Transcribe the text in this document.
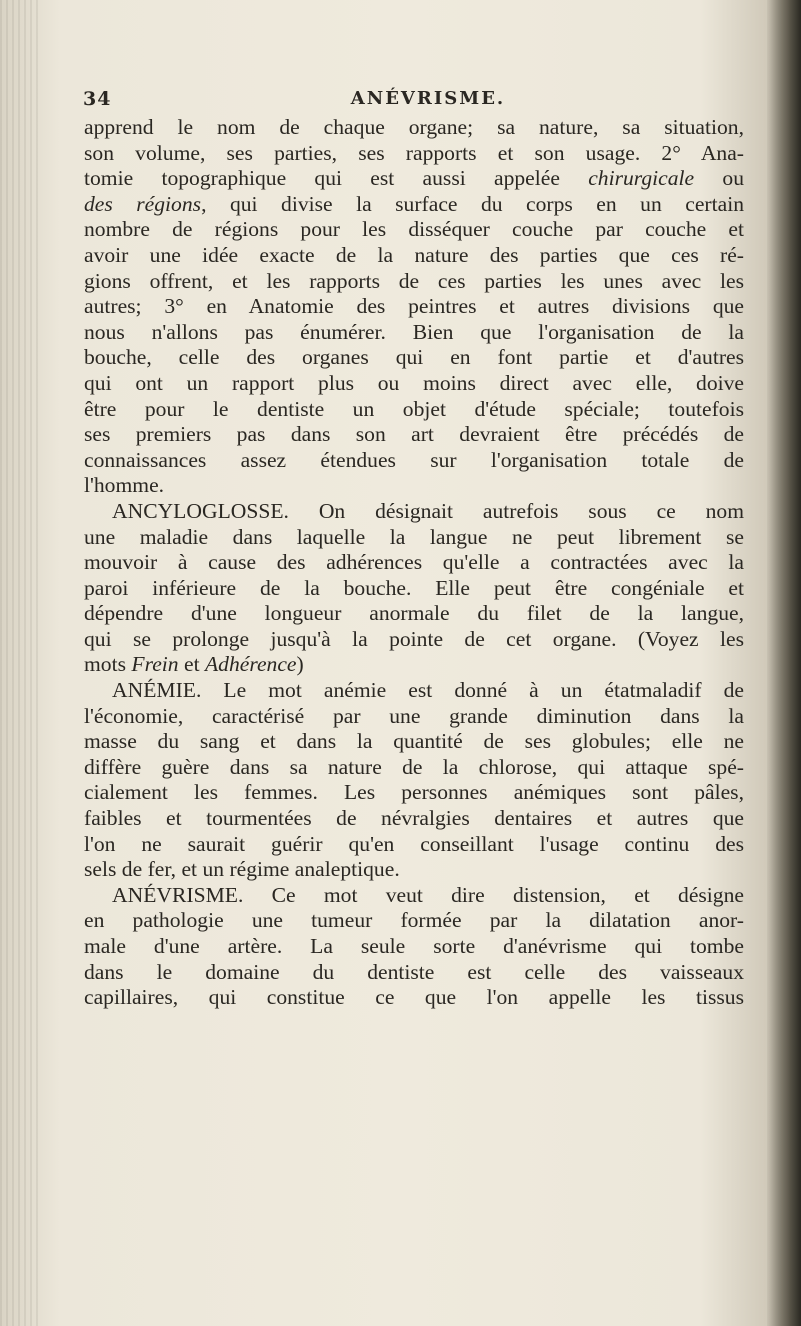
34	ANÉVRISME.
apprend le nom de chaque organe; sa nature, sa situation,
son volume, ses parties, ses rapports et son usage. 2° Ana-
tomie topographique qui est aussi appelée chirurgicale ou
des régions, qui divise la surface du corps en un certain
nombre de régions pour les disséquer couche par couche et
avoir une idée exacte de la nature des parties que ces ré-
gions offrent, et les rapports de ces parties les unes avec les
autres; 3° en Anatomie des peintres et autres divisions que
nous n'allons pas énumérer. Bien que l'organisation de la
bouche, celle des organes qui en font partie et d'autres
qui ont un rapport plus ou moins direct avec elle, doive
être pour le dentiste un objet d'étude spéciale; toutefois
ses premiers pas dans son art devraient être précédés de
connaissances assez étendues sur l'organisation totale de
l'homme.
ANCYLOGLOSSE. On désignait autrefois sous ce nom
une maladie dans laquelle la langue ne peut librement se
mouvoir à cause des adhérences qu'elle a contractées avec la
paroi inférieure de la bouche. Elle peut être congéniale et
dépendre d'une longueur anormale du filet de la langue,
qui se prolonge jusqu'à la pointe de cet organe. (Voyez les
mots Frein et Adhérence)
ANÉMIE. Le mot anémie est donné à un étatmaladif de
l'économie, caractérisé par une grande diminution dans la
masse du sang et dans la quantité de ses globules; elle ne
diffère guère dans sa nature de la chlorose, qui attaque spé-
cialement les femmes. Les personnes anémiques sont pâles,
faibles et tourmentées de névralgies dentaires et autres que
l'on ne saurait guérir qu'en conseillant l'usage continu des
sels de fer, et un régime analeptique.
ANÉVRISME. Ce mot veut dire distension, et désigne
en pathologie une tumeur formée par la dilatation anor-
male d'une artère. La seule sorte d'anévrisme qui tombe
dans le domaine du dentiste est celle des vaisseaux
capillaires, qui constitue ce que l'on appelle les tissus
